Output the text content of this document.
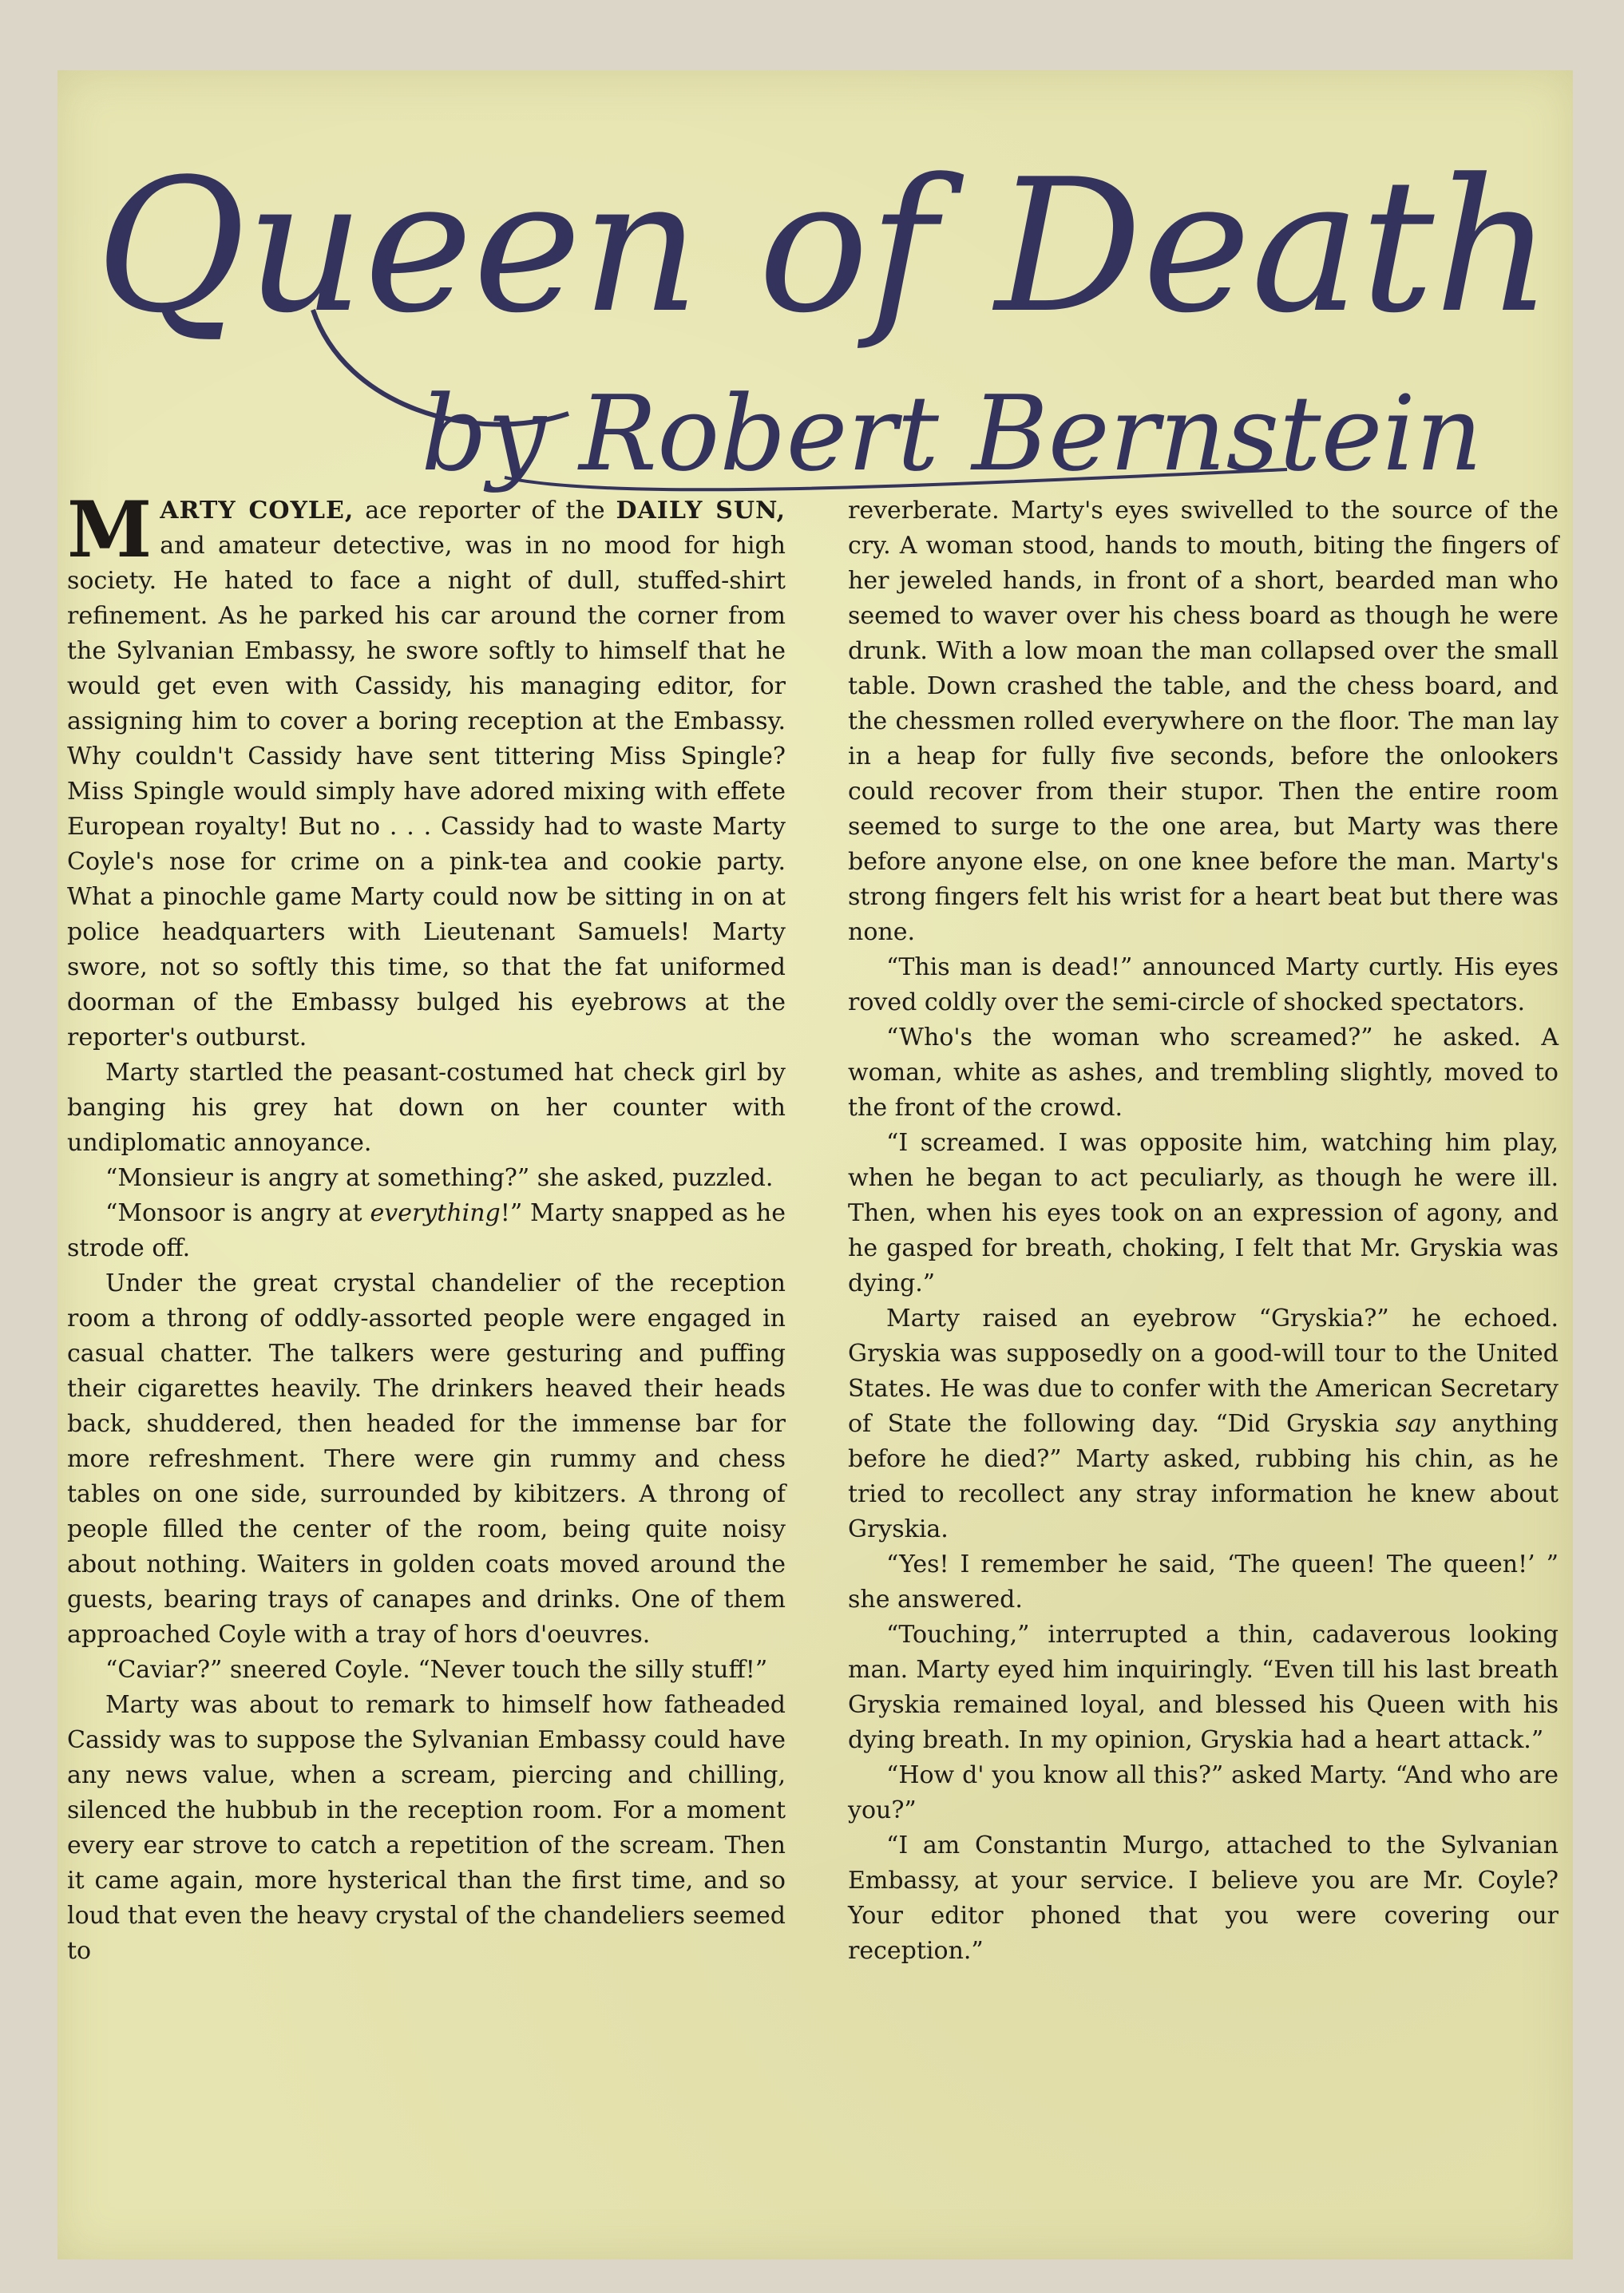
Queen of Death
by Robert Bernstein

MARTY COYLE, ace reporter of the DAILY SUN, and amateur detective, was in no mood for high society. He hated to face a night of dull, stuffed-shirt refinement. As he parked his car around the corner from the Sylvanian Embassy, he swore softly to himself that he would get even with Cassidy, his managing editor, for assigning him to cover a boring reception at the Embassy. Why couldn't Cassidy have sent tittering Miss Spingle? Miss Spingle would simply have adored mixing with effete European royalty! But no . . . Cassidy had to waste Marty Coyle's nose for crime on a pink-tea and cookie party. What a pinochle game Marty could now be sitting in on at police headquarters with Lieutenant Samuels! Marty swore, not so softly this time, so that the fat uniformed doorman of the Embassy bulged his eyebrows at the reporter's outburst.

Marty startled the peasant-costumed hat check girl by banging his grey hat down on her counter with undiplomatic annoyance.

“Monsieur is angry at something?” she asked, puzzled.

“Monsoor is angry at everything!” Marty snapped as he strode off.

Under the great crystal chandelier of the reception room a throng of oddly-assorted people were engaged in casual chatter. The talkers were gesturing and puffing their cigarettes heavily. The drinkers heaved their heads back, shuddered, then headed for the immense bar for more refreshment. There were gin rummy and chess tables on one side, surrounded by kibitzers. A throng of people filled the center of the room, being quite noisy about nothing. Waiters in golden coats moved around the guests, bearing trays of canapes and drinks. One of them approached Coyle with a tray of hors d'oeuvres.

“Caviar?” sneered Coyle. “Never touch the silly stuff!”

Marty was about to remark to himself how fatheaded Cassidy was to suppose the Sylvanian Embassy could have any news value, when a scream, piercing and chilling, silenced the hubbub in the reception room. For a moment every ear strove to catch a repetition of the scream. Then it came again, more hysterical than the first time, and so loud that even the heavy crystal of the chandeliers seemed to

reverberate. Marty's eyes swivelled to the source of the cry. A woman stood, hands to mouth, biting the fingers of her jeweled hands, in front of a short, bearded man who seemed to waver over his chess board as though he were drunk. With a low moan the man collapsed over the small table. Down crashed the table, and the chess board, and the chessmen rolled everywhere on the floor. The man lay in a heap for fully five seconds, before the onlookers could recover from their stupor. Then the entire room seemed to surge to the one area, but Marty was there before anyone else, on one knee before the man. Marty's strong fingers felt his wrist for a heart beat but there was none.

“This man is dead!” announced Marty curtly. His eyes roved coldly over the semi-circle of shocked spectators.

“Who's the woman who screamed?” he asked. A woman, white as ashes, and trembling slightly, moved to the front of the crowd.

“I screamed. I was opposite him, watching him play, when he began to act peculiarly, as though he were ill. Then, when his eyes took on an expression of agony, and he gasped for breath, choking, I felt that Mr. Gryskia was dying.”

Marty raised an eyebrow “Gryskia?” he echoed. Gryskia was supposedly on a good-will tour to the United States. He was due to confer with the American Secretary of State the following day. “Did Gryskia say anything before he died?” Marty asked, rubbing his chin, as he tried to recollect any stray information he knew about Gryskia.

“Yes! I remember he said, ‘The queen! The queen!’ ” she answered.

“Touching,” interrupted a thin, cadaverous looking man. Marty eyed him inquiringly. “Even till his last breath Gryskia remained loyal, and blessed his Queen with his dying breath. In my opinion, Gryskia had a heart attack.”

“How d' you know all this?” asked Marty. “And who are you?”

“I am Constantin Murgo, attached to the Sylvanian Embassy, at your service. I believe you are Mr. Coyle? Your editor phoned that you were covering our reception.”
